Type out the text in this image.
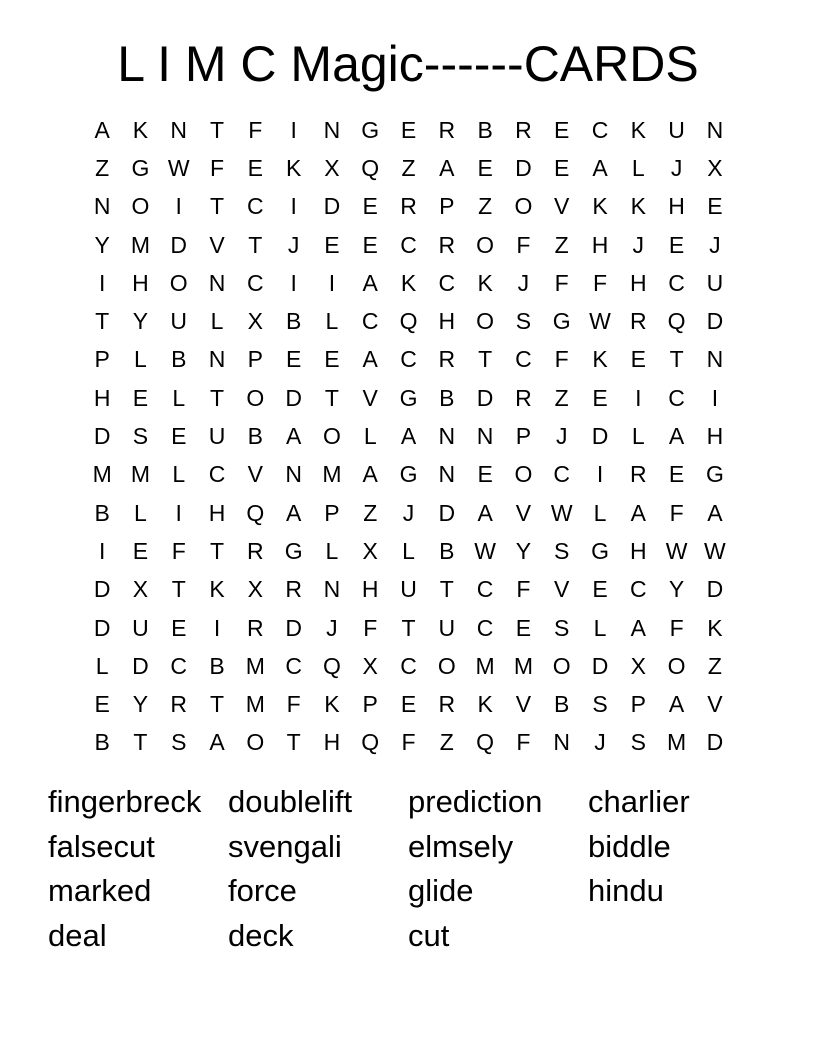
L I M C Magic------CARDS
A K N T	F	I	N G E R B R E C K U N
Z G W F	E K X Q Z	A E D E A	L	J	X
N O	I	T C	I	D E R P	Z O V K K H E
Y M D V	T	J	E E C R O F	Z H	J	E	J
I	H O N C	I	I	A K C K	J	F	F H C U
T	Y U	L	X B	L	C Q H O S G W R Q D
P	L	B N P E E A C R T C F	K E	T N
H E	L	T O D T	V G B D R Z	E	I	C	I
D S E U B A O L	A N N P	J	D	L	A H
M M L	C V N M A G N E O C	I	R E G
B	L	I	H Q A P	Z	J	D A V W L	A	F	A
I	E	F	T R G L	X	L	B W Y S G H W W
D X	T	K X R N H U T C F	V E C Y D
D U E	I	R D	J	F	T U C E S	L	A	F	K
L	D C B M C Q X C O M M O D X O Z
E Y R T M F	K P E R K V B S P A V
B	T	S A O T H Q F	Z Q F N	J	S M D
fingerbreck doublelift	prediction	charlier
falsecut	svengali	elmsely	biddle
marked	force	glide	hindu
deal	deck	cut
